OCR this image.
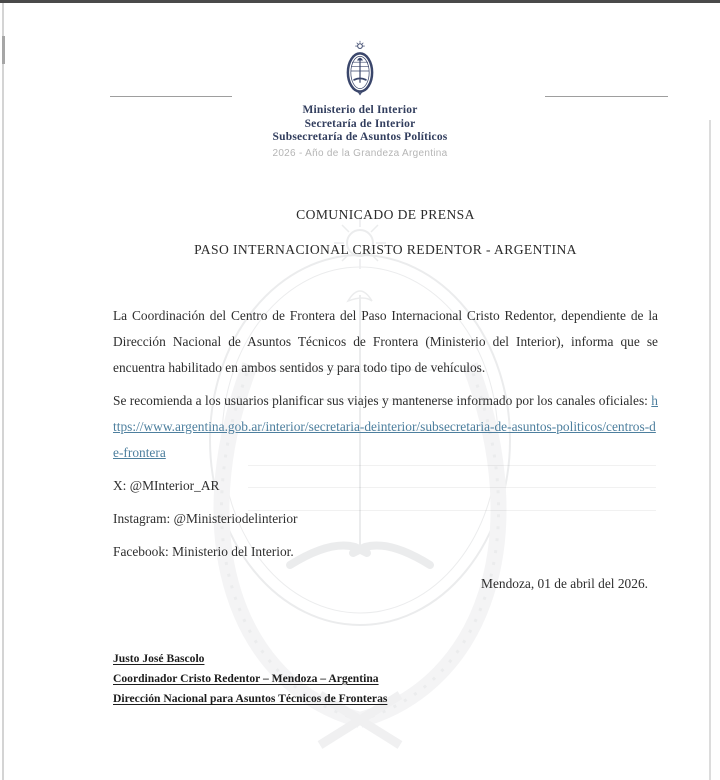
Ministerio del Interior
Secretaría de Interior
Subsecretaría de Asuntos Políticos
2026 - Año de la Grandeza Argentina
COMUNICADO DE PRENSA
PASO INTERNACIONAL CRISTO REDENTOR - ARGENTINA

La Coordinación del Centro de Frontera del Paso Internacional Cristo Redentor, dependiente de la Dirección Nacional de Asuntos Técnicos de Frontera (Ministerio del Interior), informa que se encuentra habilitado en ambos sentidos y para todo tipo de vehículos.

Se recomienda a los usuarios planificar sus viajes y mantenerse informado por los canales oficiales: https://www.argentina.gob.ar/interior/secretaria-deinterior/subsecretaria-de-asuntos-politicos/centros-de-frontera

X: @MInterior_AR

Instagram: @Ministeriodelinterior

Facebook: Ministerio del Interior.

Mendoza, 01 de abril del 2026.

Justo José Bascolo
Coordinador Cristo Redentor – Mendoza – Argentina
Dirección Nacional para Asuntos Técnicos de Fronteras
